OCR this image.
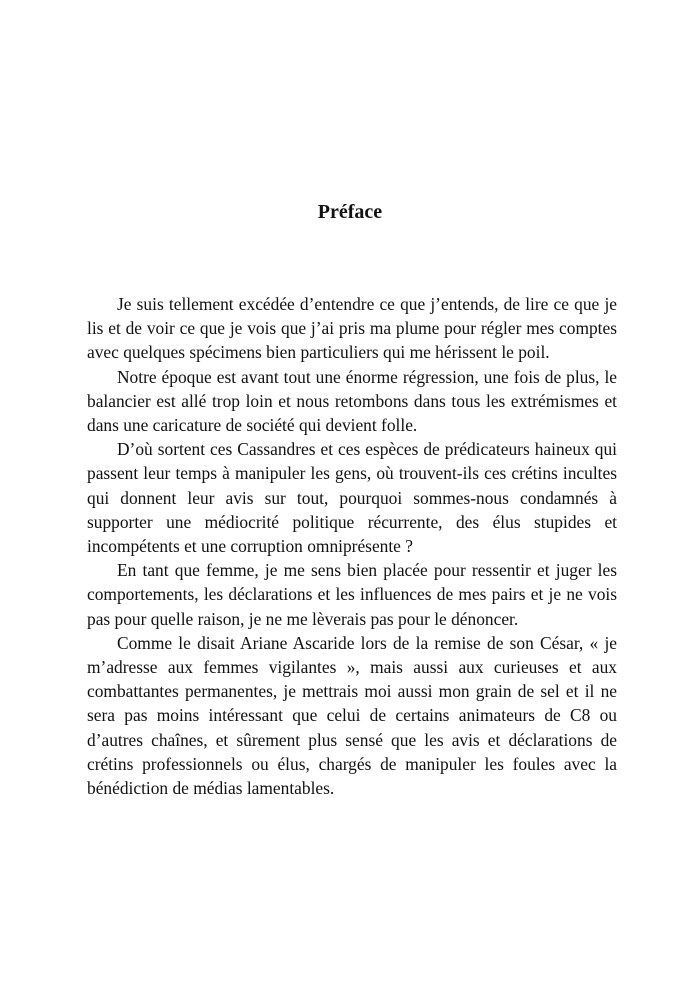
Préface

Je suis tellement excédée d’entendre ce que j’entends, de lire ce que je lis et de voir ce que je vois que j’ai pris ma plume pour régler mes comptes avec quelques spécimens bien particuliers qui me hérissent le poil.

Notre époque est avant tout une énorme régression, une fois de plus, le balancier est allé trop loin et nous retombons dans tous les extrémismes et dans une caricature de société qui devient folle.

D’où sortent ces Cassandres et ces espèces de prédicateurs haineux qui passent leur temps à manipuler les gens, où trouvent-ils ces crétins incultes qui donnent leur avis sur tout, pourquoi sommes-nous condamnés à supporter une médiocrité politique récurrente, des élus stupides et incompétents et une corruption omniprésente ?

En tant que femme, je me sens bien placée pour ressentir et juger les comportements, les déclarations et les influences de mes pairs et je ne vois pas pour quelle raison, je ne me lèverais pas pour le dénoncer.

Comme le disait Ariane Ascaride lors de la remise de son César, « je m’adresse aux femmes vigilantes », mais aussi aux curieuses et aux combattantes permanentes, je mettrais moi aussi mon grain de sel et il ne sera pas moins intéressant que celui de certains animateurs de C8 ou d’autres chaînes, et sûrement plus sensé que les avis et déclarations de crétins professionnels ou élus, chargés de manipuler les foules avec la bénédiction de médias lamentables.
